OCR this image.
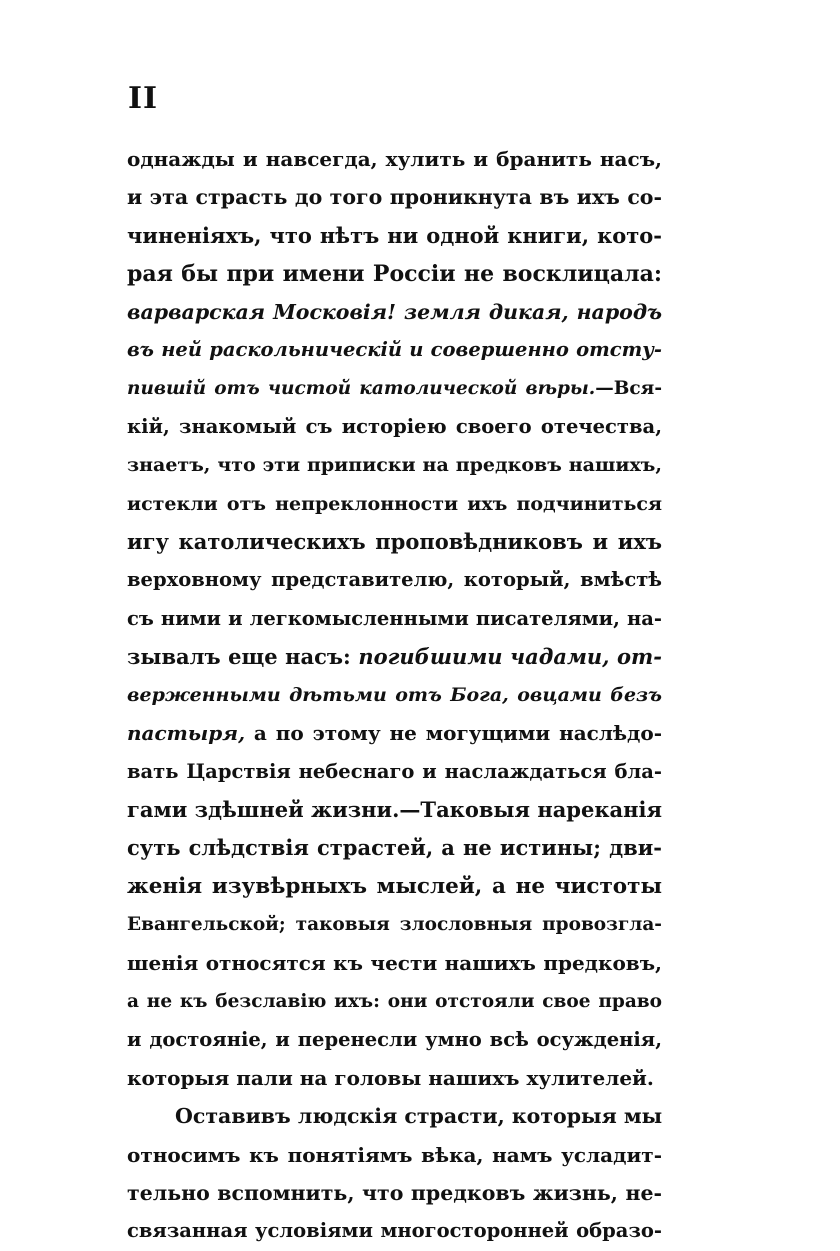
II
однажды и навсегда, хулить и бранить насъ,
и эта страсть до того проникнута въ ихъ со-
чиненіяхъ, что нѣтъ ни одной книги, кото-
рая бы при имени Россіи не восклицала:
варварская Московія! земля дикая, народъ
въ ней раскольническій и совершенно отсту-
пившій отъ чистой католической вѣры.—Вся-
кій, знакомый съ исторіею своего отечества,
знаетъ, что эти приписки на предковъ нашихъ,
истекли отъ непреклонности ихъ подчиниться
игу католическихъ проповѣдниковъ и ихъ
верховному представителю, который, вмѣстѣ
съ ними и легкомысленными писателями, на-
зывалъ еще насъ: погибшими чадами, от-
верженными дѣтьми отъ Бога, овцами безъ
пастыря, а по этому не могущими наслѣдо-
вать Царствія небеснаго и наслаждаться бла-
гами здѣшней жизни.—Таковыя нареканія
суть слѣдствія страстей, а не истины; дви-
женія изувѣрныхъ мыслей, а не чистоты
Евангельской; таковыя злословныя провозгла-
шенія относятся къ чести нашихъ предковъ,
а не къ безславію ихъ: они отстояли свое право
и достояніе, и перенесли умно всѣ осужденія,
которыя пали на головы нашихъ хулителей.
Оставивъ людскія страсти, которыя мы
относимъ къ понятіямъ вѣка, намъ усладит-
тельно вспомнить, что предковъ жизнь, не-
связанная условіями многосторонней образо-
